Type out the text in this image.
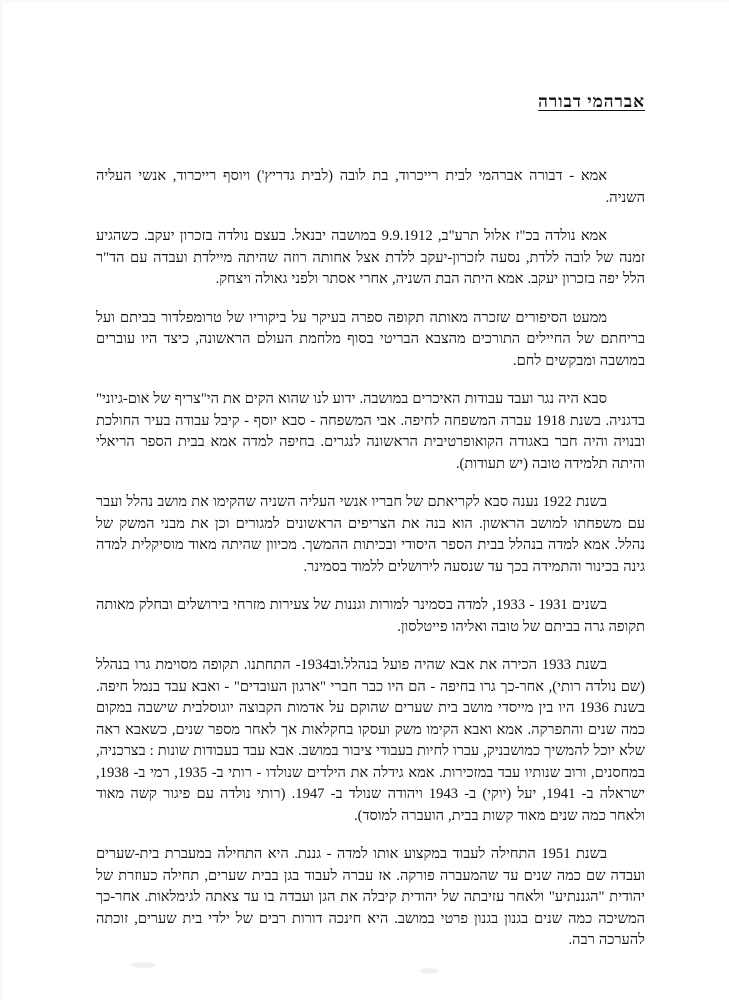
אברהמי דבורה

אמא - דבורה אברהמי לבית רייכרוד, בת לובה (לבית גדריץ') ויוסף רייכרוד, אנשי העליה השניה.

אמא נולדה בכ"ז אלול תרע"ב, 9.9.1912 במושבה יבנאל. בעצם נולדה בזכרון יעקב. כשהגיע זמנה של לובה ללדת, נסעה לזכרון-יעקב ללדת אצל אחותה רוזה שהיתה מיילדת ועבדה עם הד"ר הלל יפה בזכרון יעקב. אמא היתה הבת השניה, אחרי אסתר ולפני גאולה ויצחק.

ממעט הסיפורים שזכרה מאותה תקופה ספרה בעיקר על ביקוריו של טרומפלדור בביתם ועל בריחתם של החיילים התורכים מהצבא הבריטי בסוף מלחמת העולם הראשונה, כיצד היו עוברים במושבה ומבקשים לחם.

סבא היה נגר ועבד עבודות האיכרים במושבה. ידוע לנו שהוא הקים את הי"צריף של אום-גיוני" בדגניה. בשנת 1918 עברה המשפחה לחיפה. אבי המשפחה - סבא יוסף - קיבל עבודה בעיר החולכת ובנויה והיה חבר באגודה הקואופרטיבית הראשונה לנגרים. בחיפה למדה אמא בבית הספר הריאלי והיתה תלמידה טובה (יש תעודות).

בשנת 1922 נענה סבא לקריאתם של חבריו אנשי העליה השניה שהקימו את מושב נהלל ועבר עם משפחתו למושב הראשון. הוא בנה את הצריפים הראשונים למגורים וכן את מבני המשק של נהלל. אמא למדה בנהלל בבית הספר היסודי ובכיתות ההמשך. מכיוון שהיתה מאוד מוסיקלית למדה גינה בכינור והתמידה בכך עד שנסעה לירושלים ללמוד בסמינר.

בשנים 1931 - 1933, למדה בסמינר למורות וגננות של צעירות מזרחי בירושלים ובחלק מאותה תקופה גרה בביתם של טובה ואליהו פייטלסון.

בשנת 1933 הכירה את אבא שהיה פועל בנהלל.וב1934- התחתנו. תקופה מסוימת גרו בנהלל (שם נולדה רותי), אחר-כך גרו בחיפה - הם היו כבר חברי "ארגון העובדים" - ואבא עבד בנמל חיפה. בשנת 1936 היו בין מייסדי מושב בית שערים שהוקם על אדמות הקבוצה יוגוסלבית שישבה במקום כמה שנים והתפרקה. אמא ואבא הקימו משק ועסקו בחקלאות אך לאחר מספר שנים, כשאבא ראה שלא יוכל להמשיך כמושבניק, עברו לחיות בעבודי ציבור במושב. אבא עבד בעבודות שונות : בצרכניה, במחסנים, ורוב שנותיו עבד במזכירות. אמא גידלה את הילדים שנולדו - רותי ב- 1935, רמי ב- 1938, ישראלה ב- 1941, יעל (יוקי) ב- 1943 ויהודה שנולד ב- 1947. (רותי נולדה עם פיגור קשה מאוד ולאחר כמה שנים מאוד קשות בבית, הועברה למוסד).

בשנת 1951 התחילה לעבוד במקצוע אותו למדה - גננת. היא התחילה במעברת בית-שערים ועבדה שם כמה שנים עד שהמעברה פורקה. אז עברה לעבוד בגן בבית שערים, תחילה כעוזרת של יהודית "הגננתיע" ולאחר עזיבתה של יהודית קיבלה את הגן ועבדה בו עד צאתה לגימלאות. אחר-כך המשיכה כמה שנים בגנון בגנון פרטי במושב. היא חינכה דורות רבים של ילדי בית שערים, זוכתה להערכה רבה.
